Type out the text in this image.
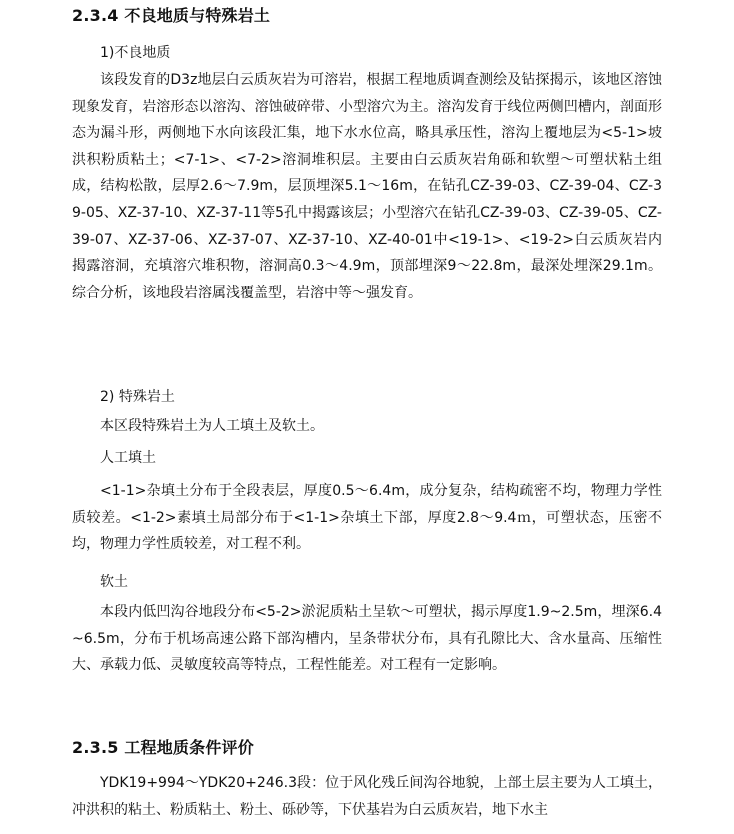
2.3.4 不良地质与特殊岩土
1)不良地质
该段发育的D3z地层白云质灰岩为可溶岩，根据工程地质调查测绘及钻探揭示，该地区溶蚀现象发育，岩溶形态以溶沟、溶蚀破碎带、小型溶穴为主。溶沟发育于线位两侧凹槽内，剖面形态为漏斗形，两侧地下水向该段汇集，地下水水位高，略具承压性，溶沟上覆地层为<5-1>坡洪积粉质粘土；<7-1>、<7-2>溶洞堆积层。主要由白云质灰岩角砾和软塑～可塑状粘土组成，结构松散，层厚2.6～7.9m，层顶埋深5.1～16m，在钻孔CZ-39-03、CZ-39-04、CZ-39-05、XZ-37-10、XZ-37-11等5孔中揭露该层；小型溶穴在钻孔CZ-39-03、CZ-39-05、CZ-39-07、XZ-37-06、XZ-37-07、XZ-37-10、XZ-40-01中<19-1>、<19-2>白云质灰岩内揭露溶洞，充填溶穴堆积物，溶洞高0.3～4.9m，顶部埋深9～22.8m，最深处埋深29.1m。综合分析，该地段岩溶属浅覆盖型，岩溶中等～强发育。
2) 特殊岩土
本区段特殊岩土为人工填土及软土。
人工填土
<1-1>杂填土分布于全段表层，厚度0.5～6.4m，成分复杂，结构疏密不均，物理力学性质较差。<1-2>素填土局部分布于<1-1>杂填土下部，厚度2.8～9.4ｍ，可塑状态，压密不均，物理力学性质较差，对工程不利。
软土
本段内低凹沟谷地段分布<5-2>淤泥质粘土呈软～可塑状，揭示厚度1.9~2.5m，埋深6.4~6.5m，分布于机场高速公路下部沟槽内，呈条带状分布，具有孔隙比大、含水量高、压缩性大、承载力低、灵敏度较高等特点，工程性能差。对工程有一定影响。
2.3.5 工程地质条件评价
YDK19+994～YDK20+246.3段：位于风化残丘间沟谷地貌，上部土层主要为人工填土，冲洪积的粘土、粉质粘土、粉土、砾砂等，下伏基岩为白云质灰岩，地下水主
